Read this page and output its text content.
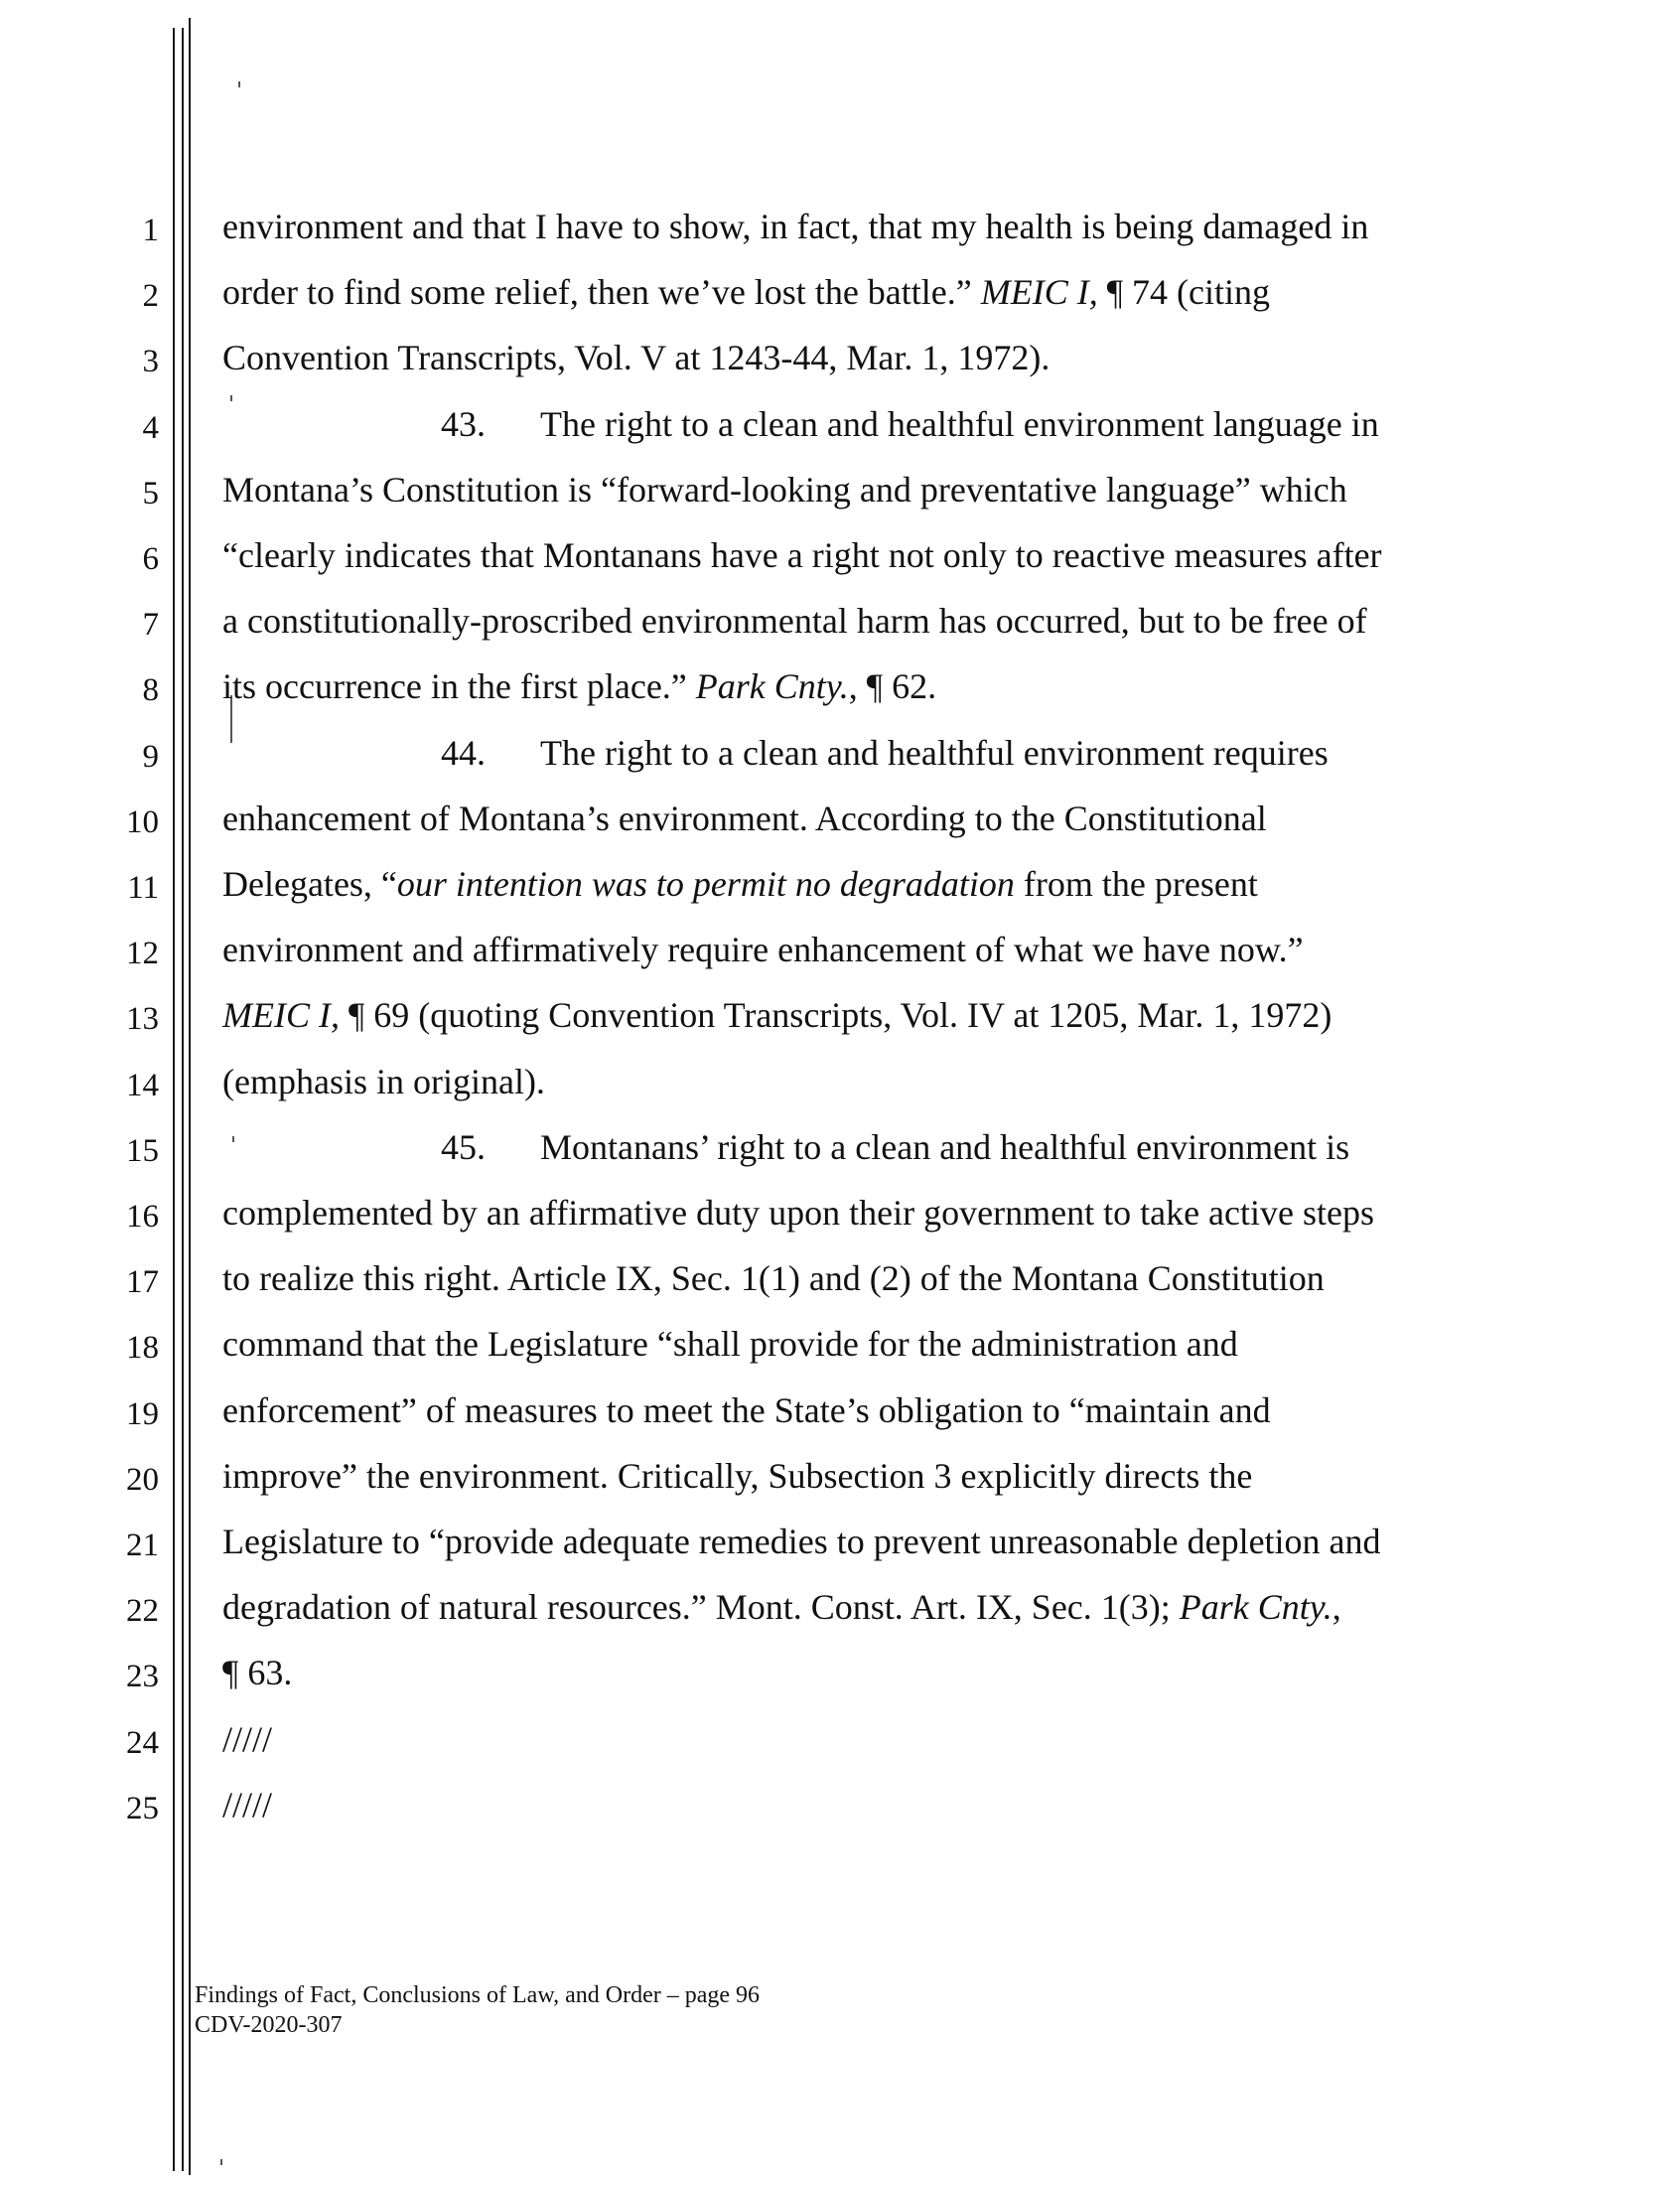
1
2
3
4
5
6
7
8
9
10
11
12
13
14
15
16
17
18
19
20
21
22
23
24
25
environment and that I have to show, in fact, that my health is being damaged in
order to find some relief, then we’ve lost the battle.” MEIC I, ¶ 74 (citing
Convention Transcripts, Vol. V at 1243-44, Mar. 1, 1972).
43. The right to a clean and healthful environment language in
Montana’s Constitution is “forward-looking and preventative language” which
“clearly indicates that Montanans have a right not only to reactive measures after
a constitutionally-proscribed environmental harm has occurred, but to be free of
its occurrence in the first place.” Park Cnty., ¶ 62.
44. The right to a clean and healthful environment requires
enhancement of Montana’s environment. According to the Constitutional
Delegates, “our intention was to permit no degradation from the present
environment and affirmatively require enhancement of what we have now.”
MEIC I, ¶ 69 (quoting Convention Transcripts, Vol. IV at 1205, Mar. 1, 1972)
(emphasis in original).
45. Montanans’ right to a clean and healthful environment is
complemented by an affirmative duty upon their government to take active steps
to realize this right. Article IX, Sec. 1(1) and (2) of the Montana Constitution
command that the Legislature “shall provide for the administration and
enforcement” of measures to meet the State’s obligation to “maintain and
improve” the environment. Critically, Subsection 3 explicitly directs the
Legislature to “provide adequate remedies to prevent unreasonable depletion and
degradation of natural resources.” Mont. Const. Art. IX, Sec. 1(3); Park Cnty.,
¶ 63.
/////
/////
Findings of Fact, Conclusions of Law, and Order – page 96
CDV-2020-307
